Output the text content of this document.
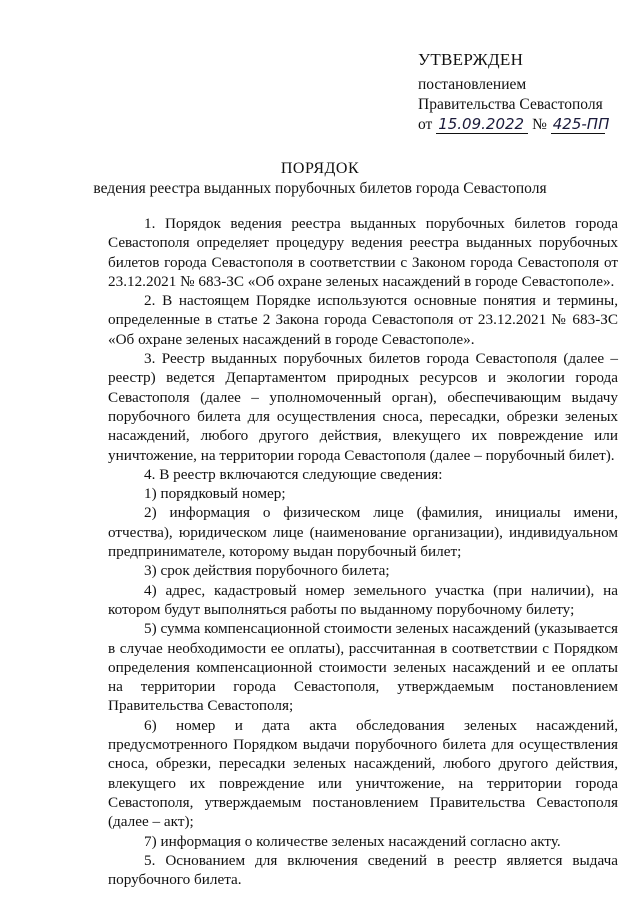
УТВЕРЖДЕН
постановлением
Правительства Севастополя
от 15.09.2022 № 425-ПП
ПОРЯДОК
ведения реестра выданных порубочных билетов города Севастополя

1. Порядок ведения реестра выданных порубочных билетов города Севастополя определяет процедуру ведения реестра выданных порубочных билетов города Севастополя в соответствии с Законом города Севастополя от 23.12.2021 № 683-ЗС «Об охране зеленых насаждений в городе Севастополе».

2. В настоящем Порядке используются основные понятия и термины, определенные в статье 2 Закона города Севастополя от 23.12.2021 № 683-ЗС «Об охране зеленых насаждений в городе Севастополе».

3. Реестр выданных порубочных билетов города Севастополя (далее – реестр) ведется Департаментом природных ресурсов и экологии города Севастополя (далее – уполномоченный орган), обеспечивающим выдачу порубочного билета для осуществления сноса, пересадки, обрезки зеленых насаждений, любого другого действия, влекущего их повреждение или уничтожение, на территории города Севастополя (далее – порубочный билет).

4. В реестр включаются следующие сведения:

1) порядковый номер;

2) информация о физическом лице (фамилия, инициалы имени, отчества), юридическом лице (наименование организации), индивидуальном предпринимателе, которому выдан порубочный билет;

3) срок действия порубочного билета;

4) адрес, кадастровый номер земельного участка (при наличии), на котором будут выполняться работы по выданному порубочному билету;

5) сумма компенсационной стоимости зеленых насаждений (указывается в случае необходимости ее оплаты), рассчитанная в соответствии с Порядком определения компенсационной стоимости зеленых насаждений и ее оплаты на территории города Севастополя, утверждаемым постановлением Правительства Севастополя;

6) номер и дата акта обследования зеленых насаждений, предусмотренного Порядком выдачи порубочного билета для осуществления сноса, обрезки, пересадки зеленых насаждений, любого другого действия, влекущего их повреждение или уничтожение, на территории города Севастополя, утверждаемым постановлением Правительства Севастополя (далее – акт);

7) информация о количестве зеленых насаждений согласно акту.

5. Основанием для включения сведений в реестр является выдача порубочного билета.
